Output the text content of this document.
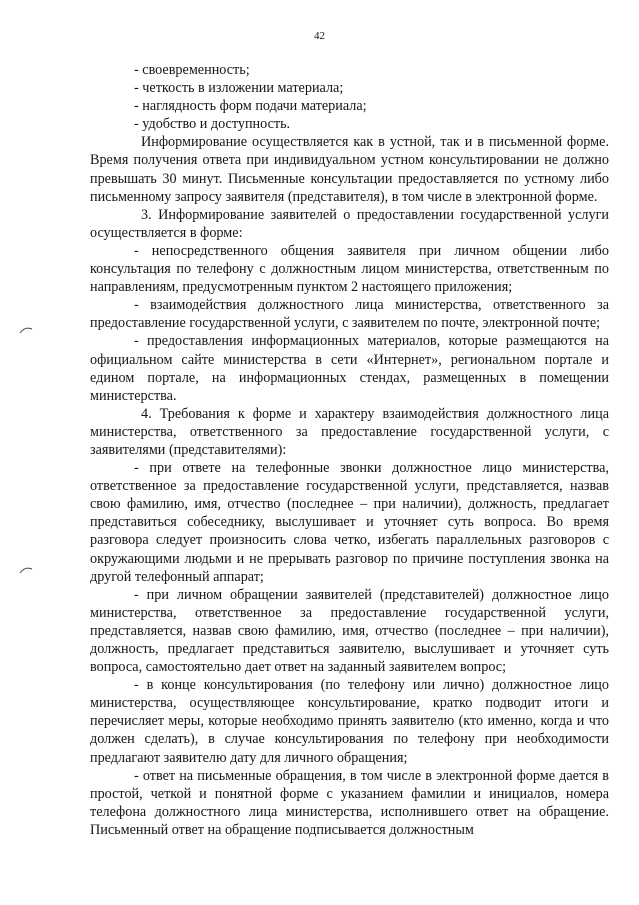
42

- своевременность;

- четкость в изложении материала;

- наглядность форм подачи материала;

- удобство и доступность.

Информирование осуществляется как в устной, так и в письменной форме. Время получения ответа при индивидуальном устном консультировании не должно превышать 30 минут. Письменные консультации предоставляется по устному либо письменному запросу заявителя (представителя), в том числе в электронной форме.

3. Информирование заявителей о предоставлении государственной услуги осуществляется в форме:

- непосредственного общения заявителя при личном общении либо консультация по телефону с должностным лицом министерства, ответственным по направлениям, предусмотренным пунктом 2 настоящего приложения;

- взаимодействия должностного лица министерства, ответственного за предоставление государственной услуги, с заявителем по почте, электронной почте;

- предоставления информационных материалов, которые размещаются на официальном сайте министерства в сети «Интернет», региональном портале и едином портале, на информационных стендах, размещенных в помещении министерства.

4. Требования к форме и характеру взаимодействия должностного лица министерства, ответственного за предоставление государственной услуги, с заявителями (представителями):

- при ответе на телефонные звонки должностное лицо министерства, ответственное за предоставление государственной услуги, представляется, назвав свою фамилию, имя, отчество (последнее – при наличии), должность, предлагает представиться собеседнику, выслушивает и уточняет суть вопроса. Во время разговора следует произносить слова четко, избегать параллельных разговоров с окружающими людьми и не прерывать разговор по причине поступления звонка на другой телефонный аппарат;

- при личном обращении заявителей (представителей) должностное лицо министерства, ответственное за предоставление государственной услуги, представляется, назвав свою фамилию, имя, отчество (последнее – при наличии), должность, предлагает представиться заявителю, выслушивает и уточняет суть вопроса, самостоятельно дает ответ на заданный заявителем вопрос;

- в конце консультирования (по телефону или лично) должностное лицо министерства, осуществляющее консультирование, кратко подводит итоги и перечисляет меры, которые необходимо принять заявителю (кто именно, когда и что должен сделать), в случае консультирования по телефону при необходимости предлагают заявителю дату для личного обращения;

- ответ на письменные обращения, в том числе в электронной форме дается в простой, четкой и понятной форме с указанием фамилии и инициалов, номера телефона должностного лица министерства, исполнившего ответ на обращение. Письменный ответ на обращение подписывается должностным
